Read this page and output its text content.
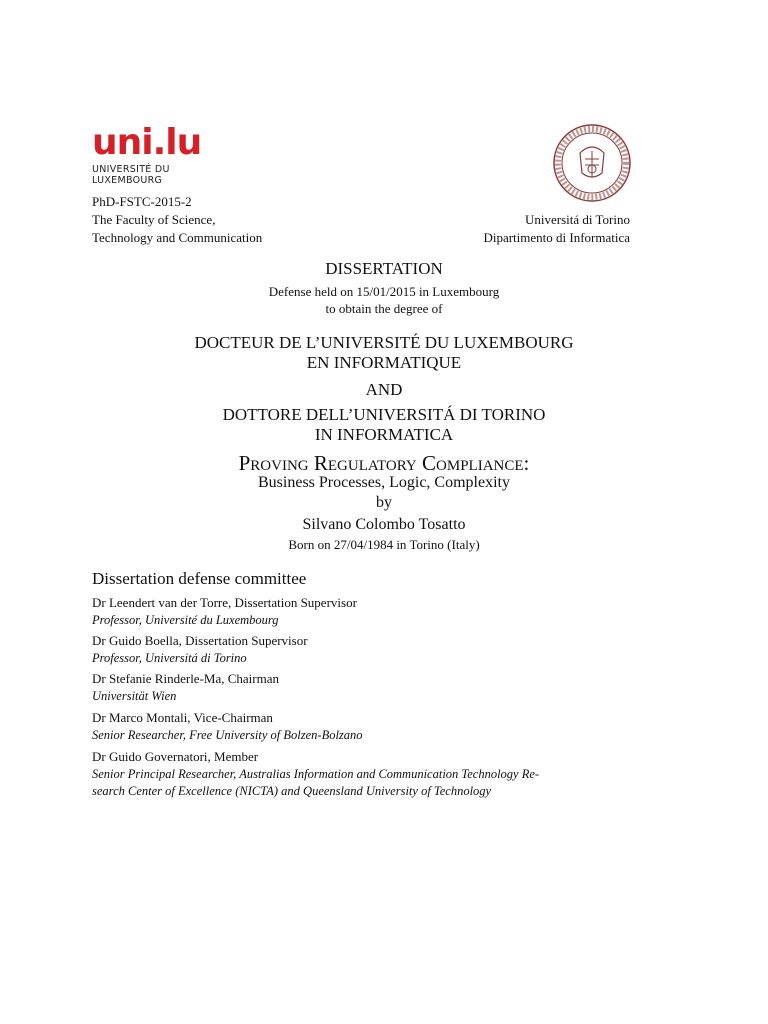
uni.lu
UNIVERSITÉ DU
LUXEMBOURG
PhD-FSTC-2015-2
The Faculty of Science,
Technology and Communication
Universitá di Torino
Dipartimento di Informatica
DISSERTATION
Defense held on 15/01/2015 in Luxembourg
to obtain the degree of
DOCTEUR DE L’UNIVERSITÉ DU LUXEMBOURG
EN INFORMATIQUE
AND
DOTTORE DELL’UNIVERSITÁ DI TORINO
IN INFORMATICA
Proving Regulatory Compliance:
Business Processes, Logic, Complexity
by
Silvano Colombo Tosatto
Born on 27/04/1984 in Torino (Italy)
Dissertation defense committee
Dr Leendert van der Torre, Dissertation Supervisor
Professor, Université du Luxembourg
Dr Guido Boella, Dissertation Supervisor
Professor, Universitá di Torino
Dr Stefanie Rinderle-Ma, Chairman
Universität Wien
Dr Marco Montali, Vice-Chairman
Senior Researcher, Free University of Bolzen-Bolzano
Dr Guido Governatori, Member
Senior Principal Researcher, Australias Information and Communication Technology Re-
search Center of Excellence (NICTA) and Queensland University of Technology
